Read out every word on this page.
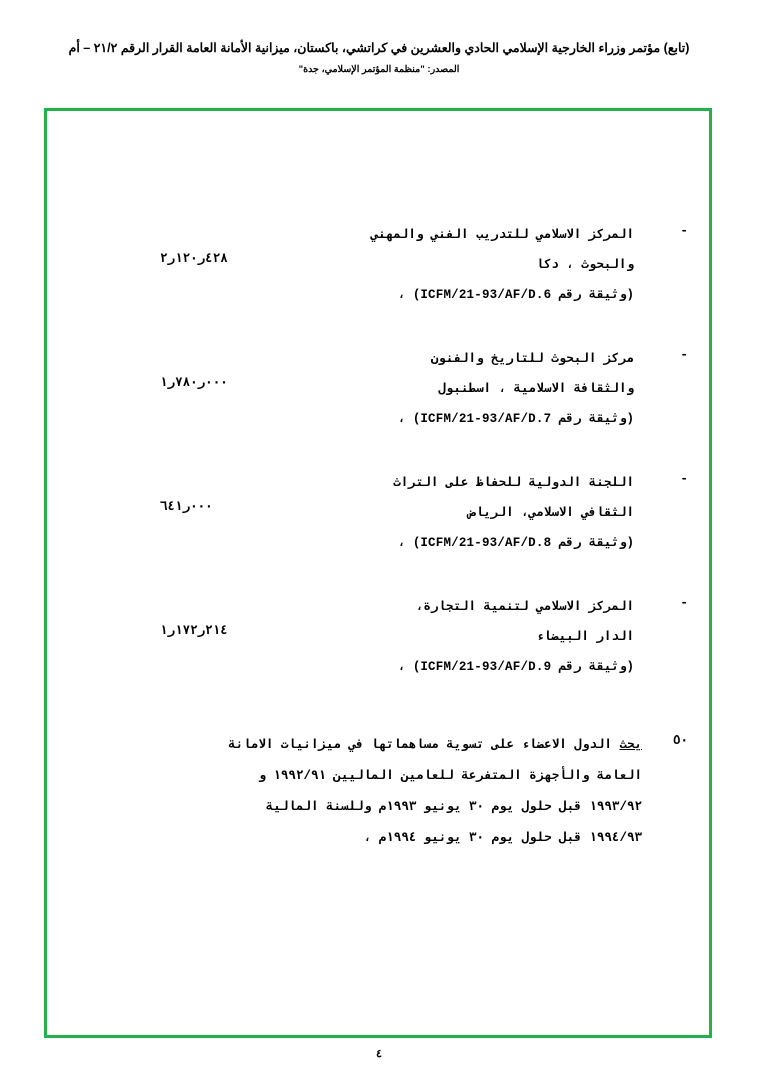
(تابع) مؤتمر وزراء الخارجية الإسلامي الحادي والعشرين في كراتشي، باكستان، ميزانية الأمانة العامة القرار الرقم ٢١/٢ – أم
المصدر: "منظمة المؤتمر الإسلامي، جدة"
-
٤٢٨ر١٢٠ر٢
المركز الاسلامي للتدريب الفني والمهني
والبحوث ، دكا
(وثيقة رقم ICFM/21-93/AF/D.6) ،
-
٠٠٠ر٧٨٠ر١
مركز البحوث للتاريخ والفنون
والثقافة الاسلامية ، اسطنبول
(وثيقة رقم ICFM/21-93/AF/D.7) ،
-
٠٠٠ر٦٤١
اللجنة الدولية للحفاظ على التراث
الثقافي الاسلامي، الرياض
(وثيقة رقم ICFM/21-93/AF/D.8) ،
-
٢١٤ر١٧٢ر١
المركز الاسلامي لتنمية التجارة،
الدار البيضاء
(وثيقة رقم ICFM/21-93/AF/D.9) ،
٥٠
يحث الدول الاعضاء على تسوية مساهماتها في ميزانيات الامانة
العامة والأجهزة المتفرعة للعامين الماليين ١٩٩٢/٩١ و
١٩٩٣/٩٢ قبل حلول يوم ٣٠ يونيو ١٩٩٣م وللسنة المالية
١٩٩٤/٩٣ قبل حلول يوم ٣٠ يونيو ١٩٩٤م ،
٤
